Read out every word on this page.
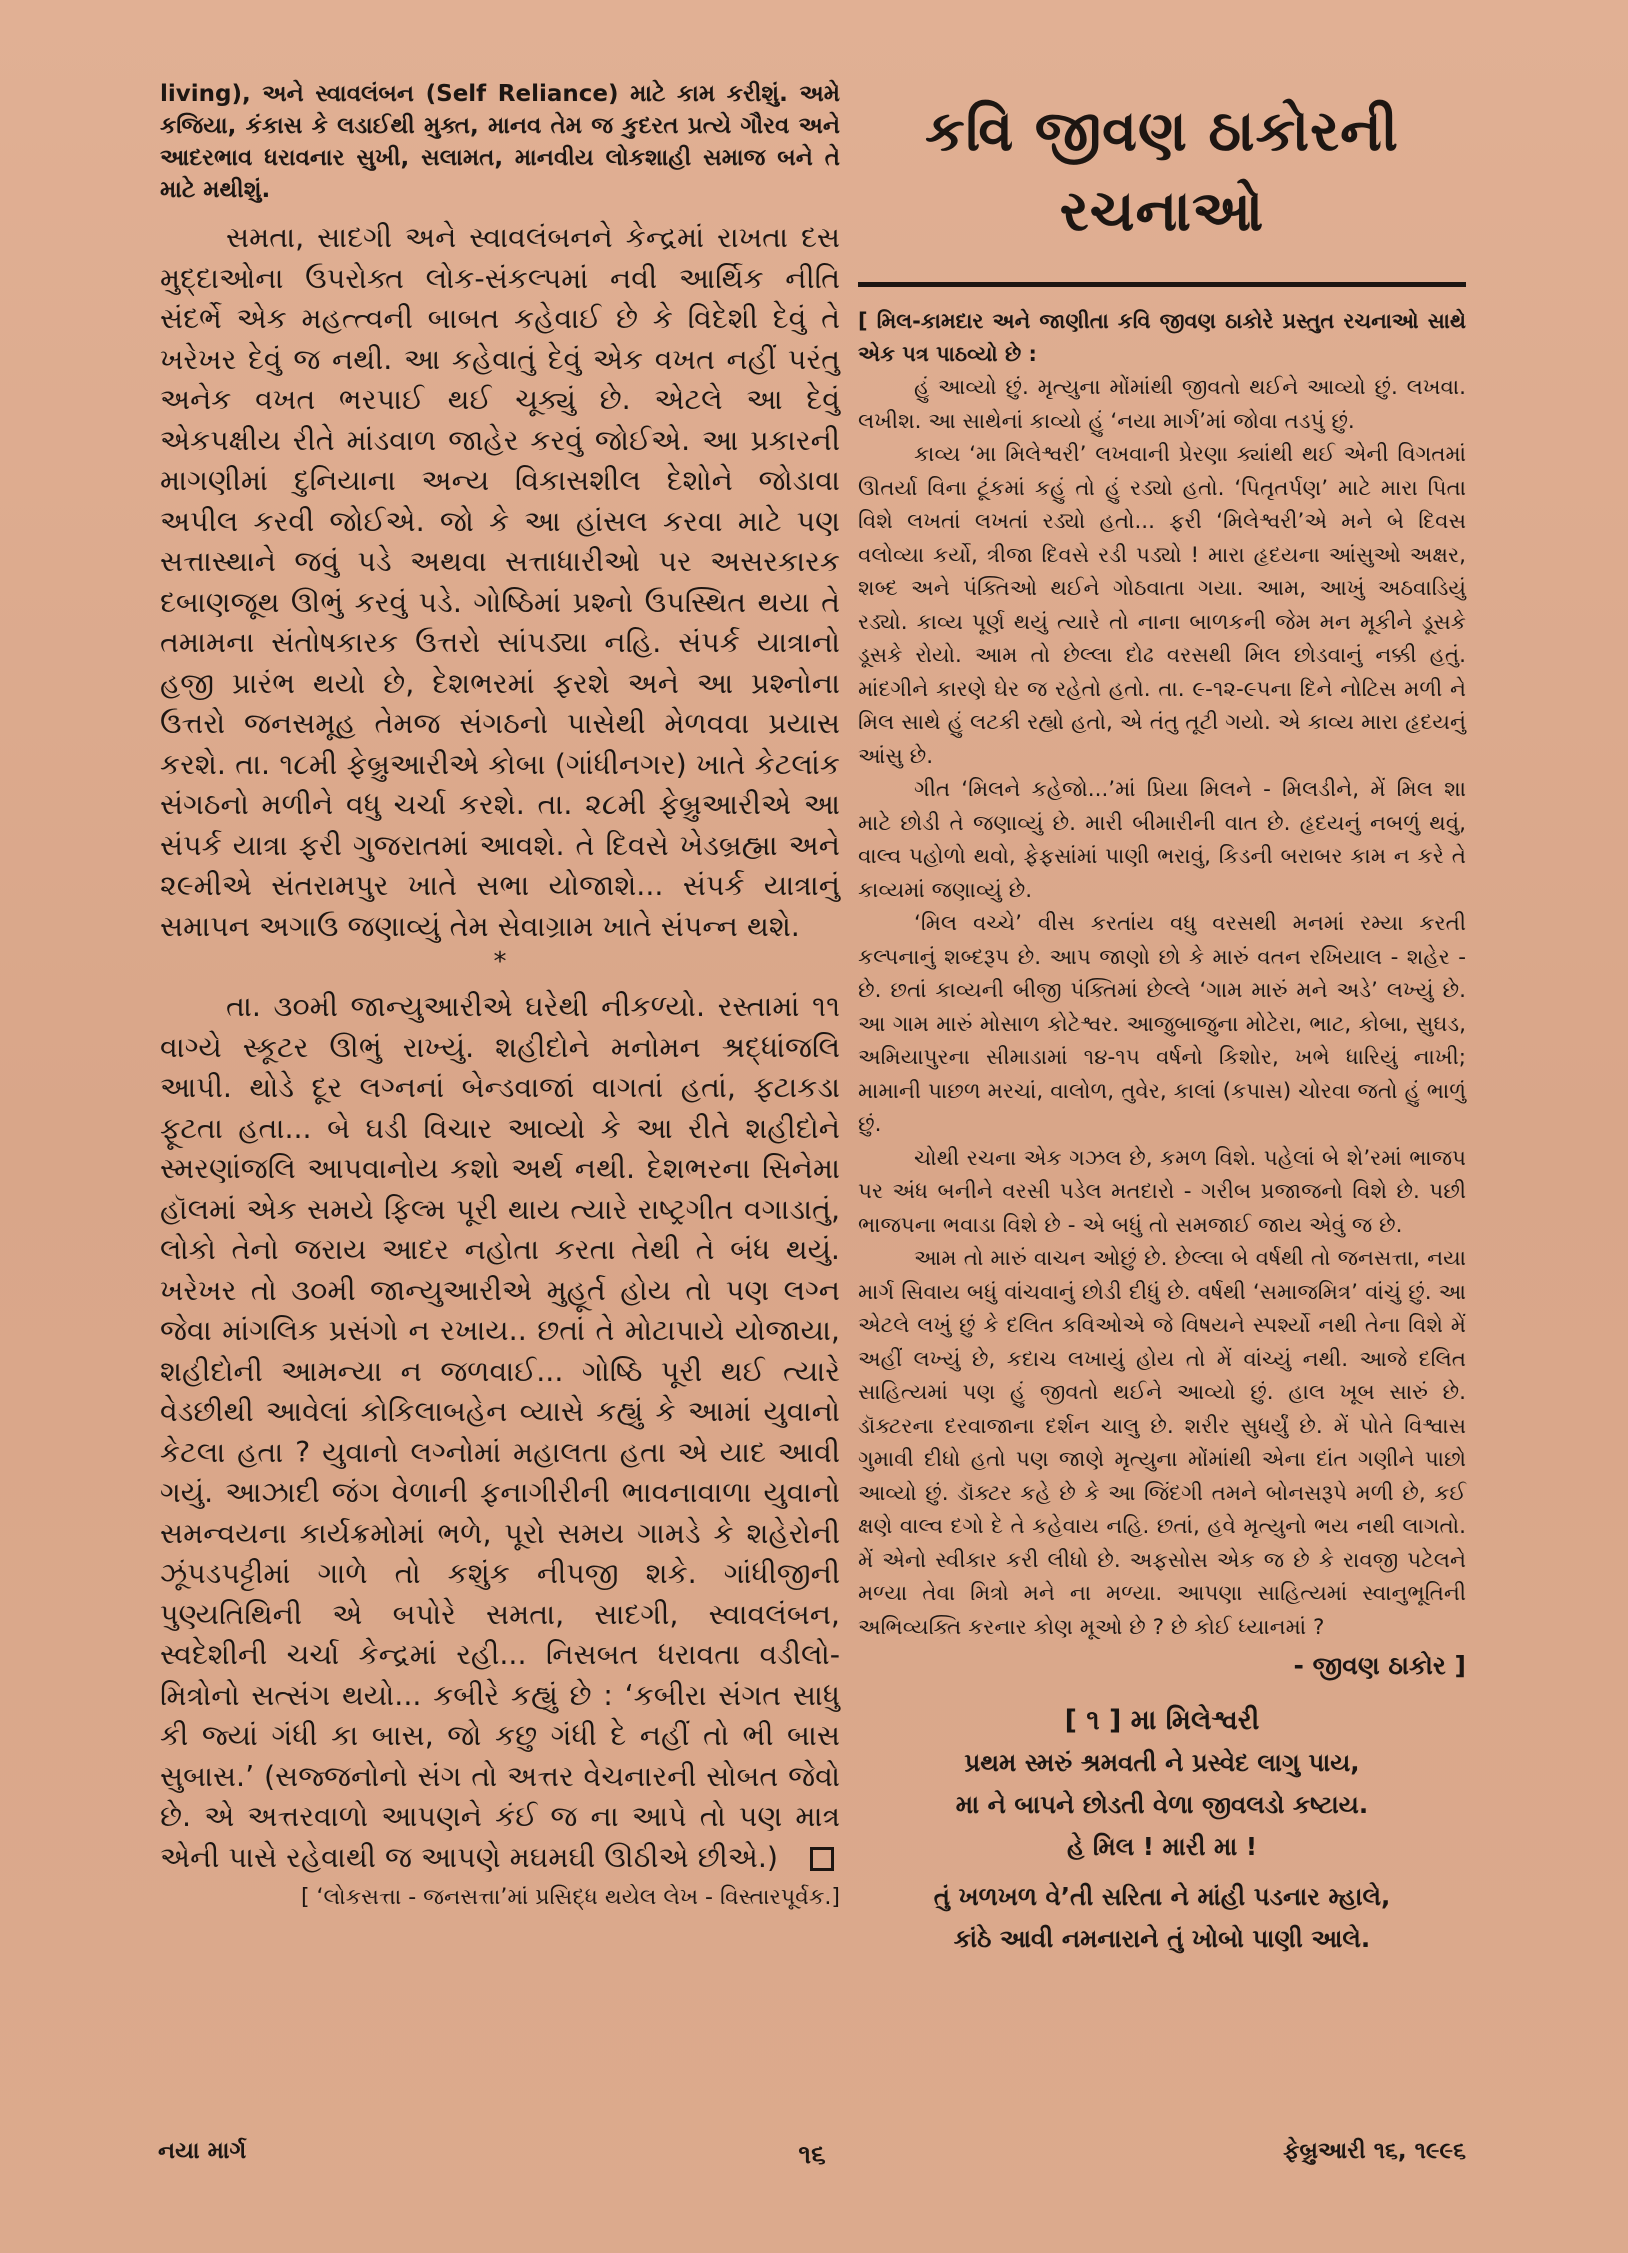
living), અને સ્વાવલંબન (Self Reliance) માટે કામ કરીશું. અમે કજિયા, કંકાસ કે લડાઈથી મુક્ત, માનવ તેમ જ કુદરત પ્રત્યે ગૌરવ અને આદરભાવ ધરાવનાર સુખી, સલામત, માનવીય લોકશાહી સમાજ બને તે માટે મથીશું.

સમતા, સાદગી અને સ્વાવલંબનને કેન્દ્રમાં રાખતા દસ મુદ્દાઓના ઉપરોક્ત લોક-સંકલ્પમાં નવી આર્થિક નીતિ સંદર્ભે એક મહત્ત્વની બાબત કહેવાઈ છે કે વિદેશી દેવું તે ખરેખર દેવું જ નથી. આ કહેવાતું દેવું એક વખત નહીં પરંતુ અનેક વખત ભરપાઈ થઈ ચૂક્યું છે. એટલે આ દેવું એકપક્ષીય રીતે માંડવાળ જાહેર કરવું જોઈએ. આ પ્રકારની માગણીમાં દુનિયાના અન્ય વિકાસશીલ દેશોને જોડાવા અપીલ કરવી જોઈએ. જો કે આ હાંસલ કરવા માટે પણ સત્તાસ્થાને જવું પડે અથવા સત્તાધારીઓ પર અસરકારક દબાણજૂથ ઊભું કરવું પડે. ગોષ્ઠિમાં પ્રશ્નો ઉપસ્થિત થયા તે તમામના સંતોષકારક ઉત્તરો સાંપડ્યા નહિ. સંપર્ક યાત્રાનો હજી પ્રારંભ થયો છે, દેશભરમાં ફરશે અને આ પ્રશ્નોના ઉત્તરો જનસમૂહ તેમજ સંગઠનો પાસેથી મેળવવા પ્રયાસ કરશે. તા. ૧૮મી ફેબ્રુઆરીએ કોબા (ગાંધીનગર) ખાતે કેટલાંક સંગઠનો મળીને વધુ ચર્ચા કરશે. તા. ૨૮મી ફેબ્રુઆરીએ આ સંપર્ક યાત્રા ફરી ગુજરાતમાં આવશે. તે દિવસે ખેડબ્રહ્મા અને ૨૯મીએ સંતરામપુર ખાતે સભા યોજાશે... સંપર્ક યાત્રાનું સમાપન અગાઉ જણાવ્યું તેમ સેવાગ્રામ ખાતે સંપન્ન થશે.

*

તા. ૩૦મી જાન્યુઆરીએ ઘરેથી નીકળ્યો. રસ્તામાં ૧૧ વાગ્યે સ્કૂટર ઊભું રાખ્યું. શહીદોને મનોમન શ્રદ્ધાંજલિ આપી. થોડે દૂર લગ્નનાં બેન્ડવાજાં વાગતાં હતાં, ફટાકડા ફૂટતા હતા... બે ઘડી વિચાર આવ્યો કે આ રીતે શહીદોને સ્મરણાંજલિ આપવાનોય કશો અર્થ નથી. દેશભરના સિનેમા હૉલમાં એક સમયે ફિલ્મ પૂરી થાય ત્યારે રાષ્ટ્રગીત વગાડાતું, લોકો તેનો જરાય આદર નહોતા કરતા તેથી તે બંધ થયું. ખરેખર તો ૩૦મી જાન્યુઆરીએ મુહૂર્ત હોય તો પણ લગ્ન જેવા માંગલિક પ્રસંગો ન રખાય.. છતાં તે મોટાપાયે યોજાયા, શહીદોની આમન્યા ન જળવાઈ... ગોષ્ઠિ પૂરી થઈ ત્યારે વેડછીથી આવેલાં કોકિલાબહેન વ્યાસે કહ્યું કે આમાં યુવાનો કેટલા હતા ? યુવાનો લગ્નોમાં મહાલતા હતા એ યાદ આવી ગયું. આઝાદી જંગ વેળાની ફનાગીરીની ભાવનાવાળા યુવાનો સમન્વયના કાર્યક્રમોમાં ભળે, પૂરો સમય ગામડે કે શહેરોની ઝૂંપડપટ્ટીમાં ગાળે તો કશુંક નીપજી શકે. ગાંધીજીની પુણ્યતિથિની એ બપોરે સમતા, સાદગી, સ્વાવલંબન, સ્વદેશીની ચર્ચા કેન્દ્રમાં રહી... નિસબત ધરાવતા વડીલો-મિત્રોનો સત્સંગ થયો... કબીરે કહ્યું છે : ‘કબીરા સંગત સાધુ કી જ્યાં ગંધી કા બાસ, જો કછુ ગંધી દે નહીં તો ભી બાસ સુબાસ.’ (સજ્જનોનો સંગ તો અત્તર વેચનારની સોબત જેવો છે. એ અત્તરવાળો આપણને કંઈ જ ના આપે તો પણ માત્ર એની પાસે રહેવાથી જ આપણે મઘમઘી ઊઠીએ છીએ.)

[ ‘લોકસત્તા - જનસત્તા’માં પ્રસિદ્ધ થયેલ લેખ - વિસ્તારપૂર્વક.]

કવિ જીવણ ઠાકોરની રચનાઓ

[ મિલ-કામદાર અને જાણીતા કવિ જીવણ ઠાકોરે પ્રસ્તુત રચનાઓ સાથે એક પત્ર પાઠવ્યો છે :

હું આવ્યો છું. મૃત્યુના મોંમાંથી જીવતો થઈને આવ્યો છું. લખવા. લખીશ. આ સાથેનાં કાવ્યો હું ‘નયા માર્ગ’માં જોવા તડપું છું.

કાવ્ય ‘મા મિલેશ્વરી’ લખવાની પ્રેરણા ક્યાંથી થઈ એની વિગતમાં ઊતર્યા વિના ટૂંકમાં કહું તો હું રડ્યો હતો. ‘પિતૃતર્પણ’ માટે મારા પિતા વિશે લખતાં લખતાં રડ્યો હતો... ફરી ‘મિલેશ્વરી’એ મને બે દિવસ વલોવ્યા કર્યો, ત્રીજા દિવસે રડી પડ્યો ! મારા હૃદયના આંસુઓ અક્ષર, શબ્દ અને પંક્તિઓ થઈને ગોઠવાતા ગયા. આમ, આખું અઠવાડિયું રડ્યો. કાવ્ય પૂર્ણ થયું ત્યારે તો નાના બાળકની જેમ મન મૂકીને ડૂસકે ડૂસકે રોયો. આમ તો છેલ્લા દોઢ વરસથી મિલ છોડવાનું નક્કી હતું. માંદગીને કારણે ઘેર જ રહેતો હતો. તા. ૯-૧૨-૯૫ના દિને નોટિસ મળી ને મિલ સાથે હું લટકી રહ્યો હતો, એ તંતુ તૂટી ગયો. એ કાવ્ય મારા હૃદયનું આંસુ છે.

ગીત ‘મિલને કહેજો...’માં પ્રિયા મિલને - મિલડીને, મેં મિલ શા માટે છોડી તે જણાવ્યું છે. મારી બીમારીની વાત છે. હૃદયનું નબળું થવું, વાલ્વ પહોળો થવો, ફેફસાંમાં પાણી ભરાવું, કિડની બરાબર કામ ન કરે તે કાવ્યમાં જણાવ્યું છે.

‘મિલ વચ્ચે’ વીસ કરતાંય વધુ વરસથી મનમાં રમ્યા કરતી કલ્પનાનું શબ્દરૂપ છે. આપ જાણો છો કે મારું વતન રખિયાલ - શહેર - છે. છતાં કાવ્યની બીજી પંક્તિમાં છેલ્લે ‘ગામ મારું મને અડે’ લખ્યું છે. આ ગામ મારું મોસાળ કોટેશ્વર. આજુબાજુના મોટેરા, ભાટ, કોબા, સુઘડ, અમિયાપુરના સીમાડામાં ૧૪-૧૫ વર્ષનો કિશોર, ખભે ધારિયું નાખી; મામાની પાછળ મરચાં, વાલોળ, તુવેર, કાલાં (કપાસ) ચોરવા જતો હું ભાળું છું.

ચોથી રચના એક ગઝલ છે, કમળ વિશે. પહેલાં બે શે’રમાં ભાજપ પર અંધ બનીને વરસી પડેલ મતદારો - ગરીબ પ્રજાજનો વિશે છે. પછી ભાજપના ભવાડા વિશે છે - એ બધું તો સમજાઈ જાય એવું જ છે.

આમ તો મારું વાચન ઓછું છે. છેલ્લા બે વર્ષથી તો જનસત્તા, નયા માર્ગ સિવાય બધું વાંચવાનું છોડી દીધું છે. વર્ષથી ‘સમાજમિત્ર’ વાંચું છું. આ એટલે લખું છું કે દલિત કવિઓએ જે વિષયને સ્પર્શ્યો નથી તેના વિશે મેં અહીં લખ્યું છે, કદાચ લખાયું હોય તો મેં વાંચ્યું નથી. આજે દલિત સાહિત્યમાં પણ હું જીવતો થઈને આવ્યો છું. હાલ ખૂબ સારું છે. ડૉક્ટરના દરવાજાના દર્શન ચાલુ છે. શરીર સુધર્યું છે. મેં પોતે વિશ્વાસ ગુમાવી દીધો હતો પણ જાણે મૃત્યુના મોંમાંથી એના દાંત ગણીને પાછો આવ્યો છું. ડૉક્ટર કહે છે કે આ જિંદગી તમને બોનસરૂપે મળી છે, કઈ ક્ષણે વાલ્વ દગો દે તે કહેવાય નહિ. છતાં, હવે મૃત્યુનો ભય નથી લાગતો. મેં એનો સ્વીકાર કરી લીધો છે. અફસોસ એક જ છે કે રાવજી પટેલને મળ્યા તેવા મિત્રો મને ના મળ્યા. આપણા સાહિત્યમાં સ્વાનુભૂતિની અભિવ્યક્તિ કરનાર કોણ મૂઓ છે ? છે કોઈ ધ્યાનમાં ?

- જીવણ ઠાકોર ]
[ ૧ ] મા મિલેશ્વરી
પ્રથમ સ્મરું શ્રમવતી ને પ્રસ્વેદ લાગુ પાય,
મા ને બાપને છોડતી વેળા જીવલડો કષ્ટાય.
હે મિલ ! મારી મા !
તું ખળખળ વે’તી સરિતા ને માંહી પડનાર મ્હાલે,
કાંઠે આવી નમનારાને તું ખોબો પાણી આલે.
નયા માર્ગ	૧૬	ફેબ્રુઆરી ૧૬, ૧૯૯૬
